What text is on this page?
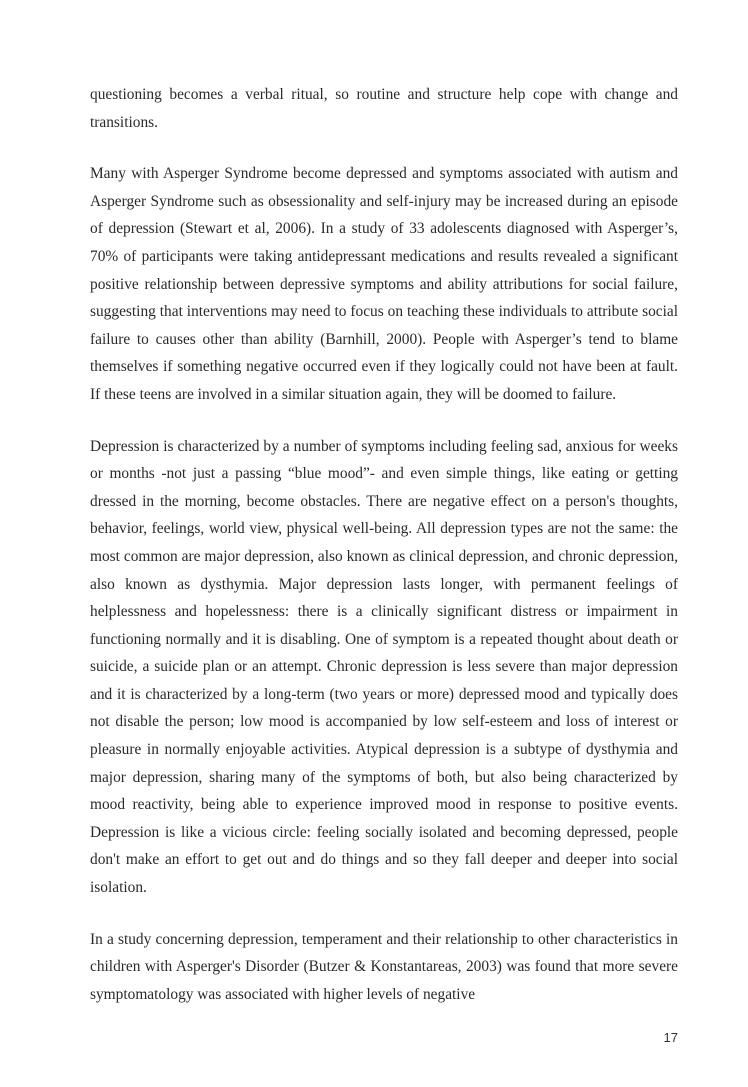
questioning becomes a verbal ritual, so routine and structure help cope with change and transitions.

Many with Asperger Syndrome become depressed and symptoms associated with autism and Asperger Syndrome such as obsessionality and self-injury may be increased during an episode of depression (Stewart et al, 2006). In a study of 33 adolescents diagnosed with Asperger’s, 70% of participants were taking antidepressant medications and results revealed a significant positive relationship between depressive symptoms and ability attributions for social failure, suggesting that interventions may need to focus on teaching these individuals to attribute social failure to causes other than ability (Barnhill, 2000). People with Asperger’s tend to blame themselves if something negative occurred even if they logically could not have been at fault. If these teens are involved in a similar situation again, they will be doomed to failure.

Depression is characterized by a number of symptoms including feeling sad, anxious for weeks or months -not just a passing “blue mood”- and even simple things, like eating or getting dressed in the morning, become obstacles. There are negative effect on a person's thoughts, behavior, feelings, world view, physical well-being. All depression types are not the same: the most common are major depression, also known as clinical depression, and chronic depression, also known as dysthymia. Major depression lasts longer, with permanent feelings of helplessness and hopelessness: there is a clinically significant distress or impairment in functioning normally and it is disabling. One of symptom is a repeated thought about death or suicide, a suicide plan or an attempt. Chronic depression is less severe than major depression and it is characterized by a long-term (two years or more) depressed mood and typically does not disable the person; low mood is accompanied by low self-esteem and loss of interest or pleasure in normally enjoyable activities. Atypical depression is a subtype of dysthymia and major depression, sharing many of the symptoms of both, but also being characterized by mood reactivity, being able to experience improved mood in response to positive events. Depression is like a vicious circle: feeling socially isolated and becoming depressed, people don't make an effort to get out and do things and so they fall deeper and deeper into social isolation.

In a study concerning depression, temperament and their relationship to other characteristics in children with Asperger's Disorder (Butzer & Konstantareas, 2003) was found that more severe symptomatology was associated with higher levels of negative

17
